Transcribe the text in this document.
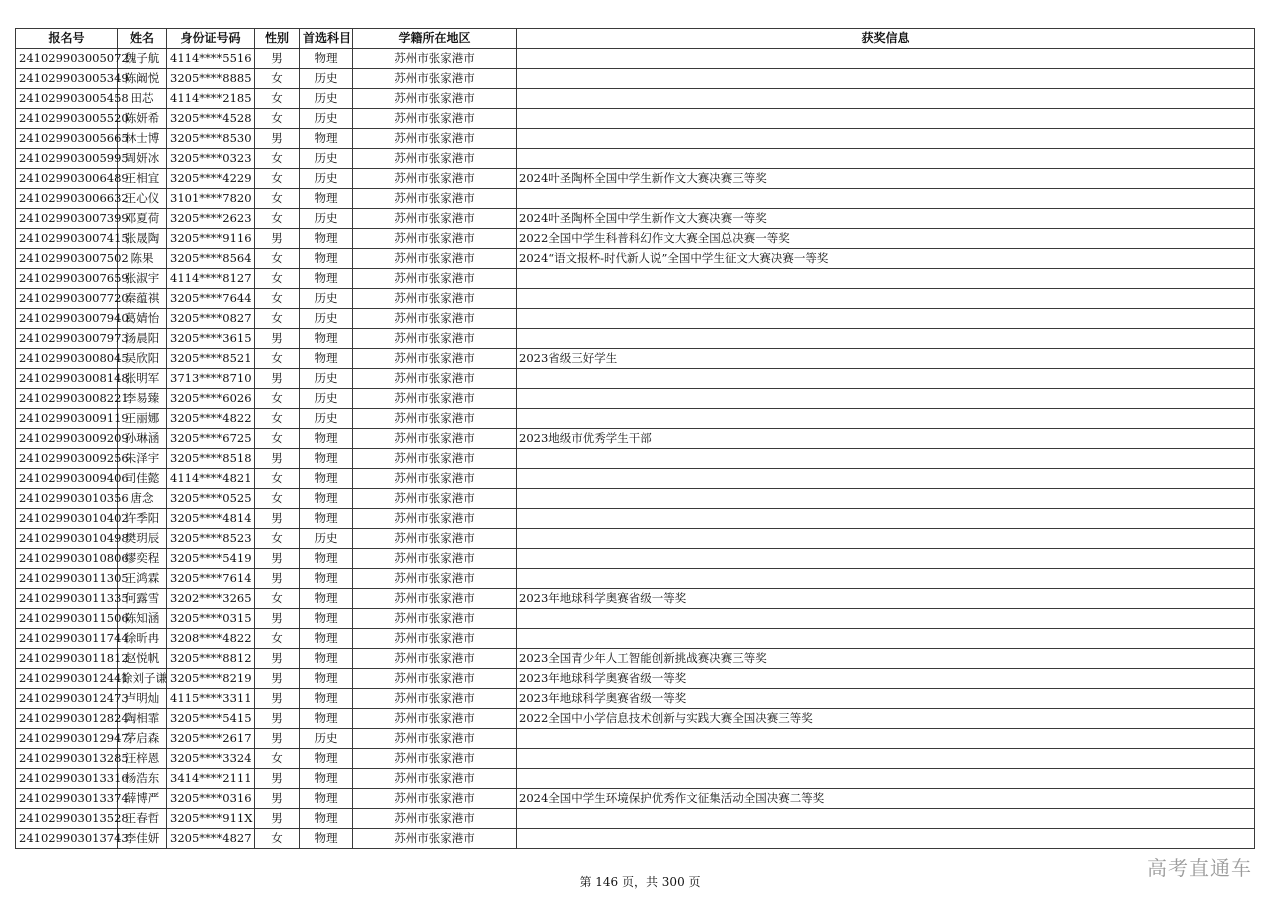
报名号	姓名	身份证号码	性别	首选科目	学籍所在地区	获奖信息
241029903005072	魏子航	4114****5516	男	物理	苏州市张家港市	
241029903005349	陈阚悦	3205****8885	女	历史	苏州市张家港市	
241029903005458	田芯	4114****2185	女	历史	苏州市张家港市	
241029903005520	陈妍希	3205****4528	女	历史	苏州市张家港市	
241029903005665	林士博	3205****8530	男	物理	苏州市张家港市	
241029903005995	周妍冰	3205****0323	女	历史	苏州市张家港市	
241029903006489	王相宜	3205****4229	女	历史	苏州市张家港市	2024叶圣陶杯全国中学生新作文大赛决赛三等奖
241029903006632	王心仪	3101****7820	女	物理	苏州市张家港市	
241029903007399	邓夏荷	3205****2623	女	历史	苏州市张家港市	2024叶圣陶杯全国中学生新作文大赛决赛一等奖
241029903007415	张晟陶	3205****9116	男	物理	苏州市张家港市	2022全国中学生科普科幻作文大赛全国总决赛一等奖
241029903007502	陈果	3205****8564	女	物理	苏州市张家港市	2024“语文报杯-时代新人说”全国中学生征文大赛决赛一等奖
241029903007659	张淑宇	4114****8127	女	物理	苏州市张家港市	
241029903007720	秦蕴祺	3205****7644	女	历史	苏州市张家港市	
241029903007940	葛婧怡	3205****0827	女	历史	苏州市张家港市	
241029903007973	汤晨阳	3205****3615	男	物理	苏州市张家港市	
241029903008045	吴欣阳	3205****8521	女	物理	苏州市张家港市	2023省级三好学生
241029903008148	张明军	3713****8710	男	历史	苏州市张家港市	
241029903008221	李易臻	3205****6026	女	历史	苏州市张家港市	
241029903009119	王丽娜	3205****4822	女	历史	苏州市张家港市	
241029903009209	孙琳涵	3205****6725	女	物理	苏州市张家港市	2023地级市优秀学生干部
241029903009256	朱泽宇	3205****8518	男	物理	苏州市张家港市	
241029903009406	司佳懿	4114****4821	女	物理	苏州市张家港市	
241029903010356	唐念	3205****0525	女	物理	苏州市张家港市	
241029903010402	许季阳	3205****4814	男	物理	苏州市张家港市	
241029903010498	樊玥辰	3205****8523	女	历史	苏州市张家港市	
241029903010806	缪奕程	3205****5419	男	物理	苏州市张家港市	
241029903011305	王鸿霖	3205****7614	男	物理	苏州市张家港市	
241029903011335	何露雪	3202****3265	女	物理	苏州市张家港市	2023年地球科学奥赛省级一等奖
241029903011506	陈知涵	3205****0315	男	物理	苏州市张家港市	
241029903011744	徐昕冉	3208****4822	女	物理	苏州市张家港市	
241029903011812	赵悦帆	3205****8812	男	物理	苏州市张家港市	2023全国青少年人工智能创新挑战赛决赛三等奖
241029903012441	徐刘子谦	3205****8219	男	物理	苏州市张家港市	2023年地球科学奥赛省级一等奖
241029903012473	卢明灿	4115****3311	男	物理	苏州市张家港市	2023年地球科学奥赛省级一等奖
241029903012824	陶相霏	3205****5415	男	物理	苏州市张家港市	2022全国中小学信息技术创新与实践大赛全国决赛三等奖
241029903012947	茅启森	3205****2617	男	历史	苏州市张家港市	
241029903013285	汪梓恩	3205****3324	女	物理	苏州市张家港市	
241029903013316	杨浩东	3414****2111	男	物理	苏州市张家港市	
241029903013374	薛博严	3205****0316	男	物理	苏州市张家港市	2024全国中学生环境保护优秀作文征集活动全国决赛二等奖
241029903013528	王春哲	3205****911X	男	物理	苏州市张家港市	
241029903013743	李佳妍	3205****4827	女	物理	苏州市张家港市	
第 146 页，共 300 页
高考直通车
